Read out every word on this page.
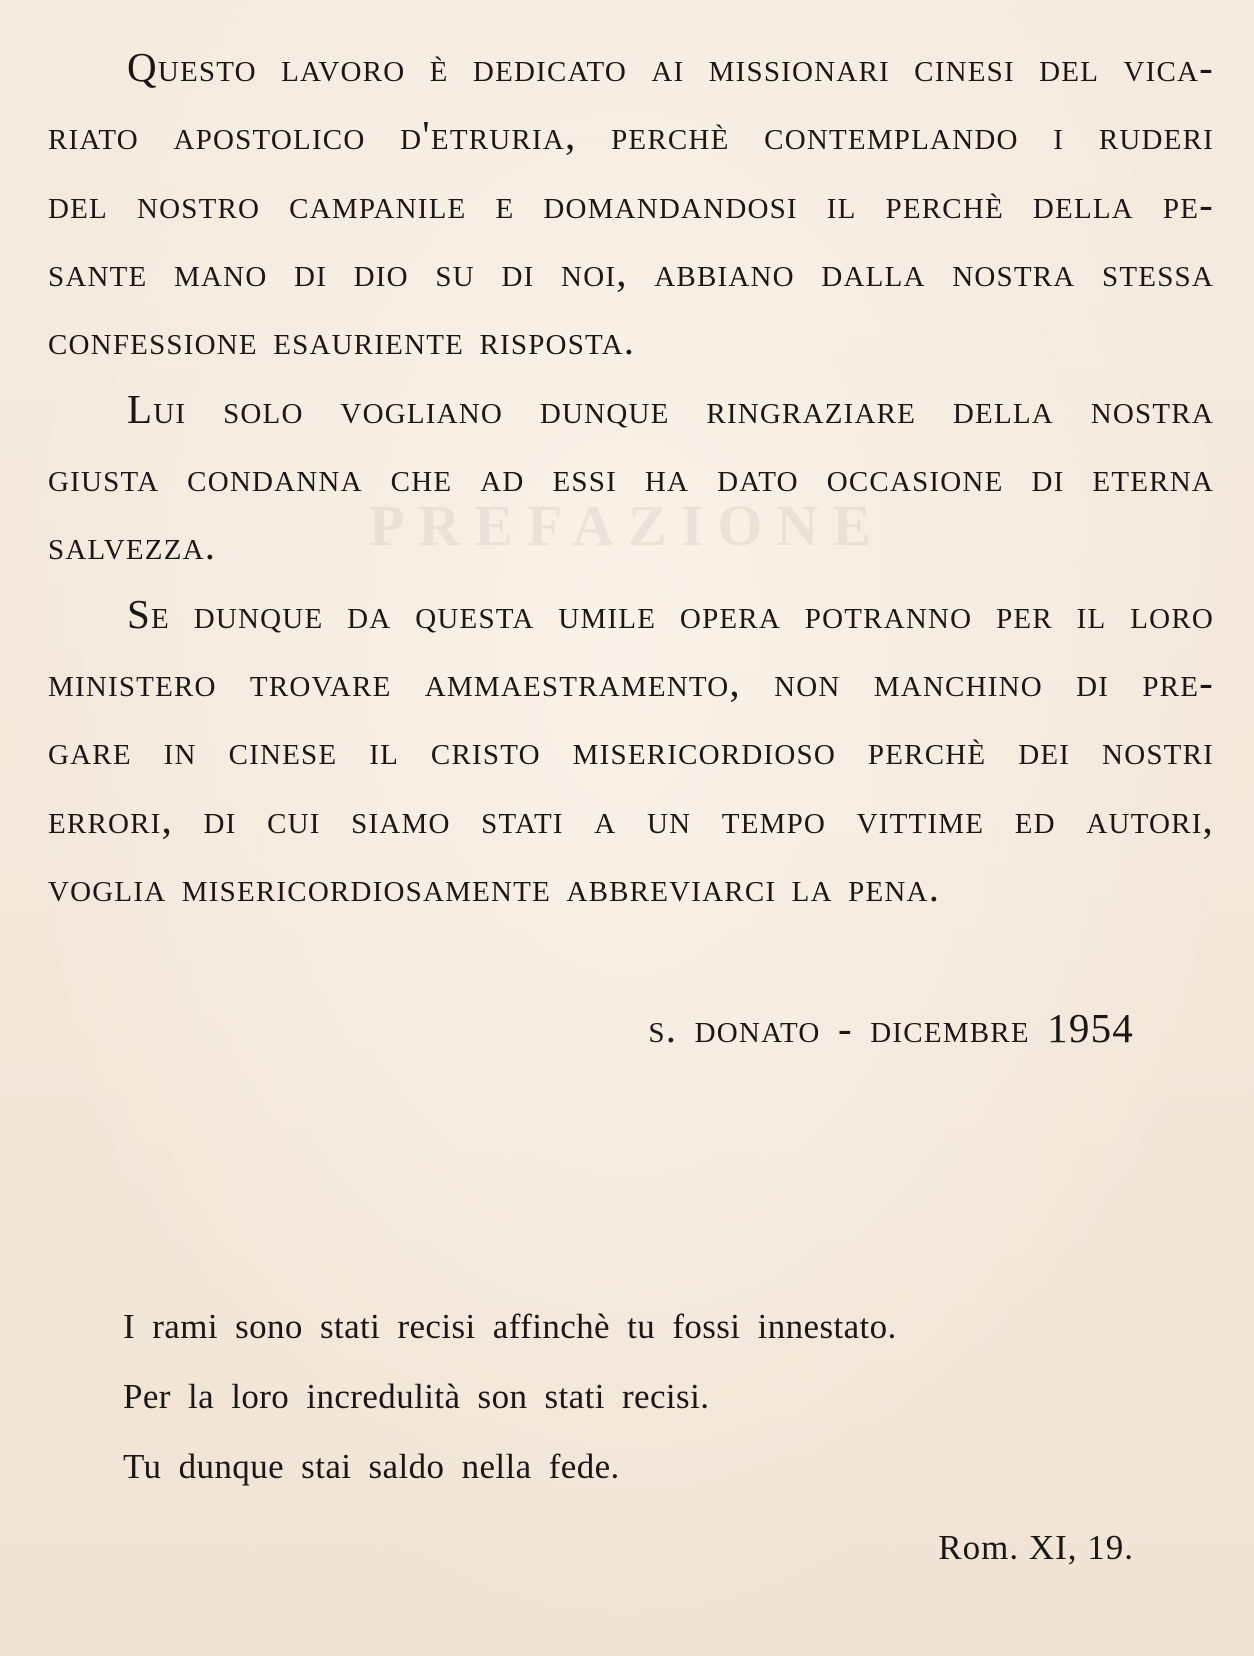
PREFAZIONE
Questo lavoro è dedicato ai missionari cinesi del vica-
riato apostolico d'etruria, perchè contemplando i ruderi
del nostro campanile e domandandosi il perchè della pe-
sante mano di dio su di noi, abbiano dalla nostra stessa
confessione esauriente risposta.
Lui solo vogliano dunque ringraziare della nostra
giusta condanna che ad essi ha dato occasione di eterna
salvezza.
Se dunque da questa umile opera potranno per il loro
ministero trovare ammaestramento, non manchino di pre-
gare in cinese il cristo misericordioso perchè dei nostri
errori, di cui siamo stati a un tempo vittime ed autori,
voglia misericordiosamente abbreviarci la pena.
s. donato - dicembre 1954
I rami sono stati recisi affinchè tu fossi innestato.
Per la loro incredulità son stati recisi.
Tu dunque stai saldo nella fede.
Rom. XI, 19.
